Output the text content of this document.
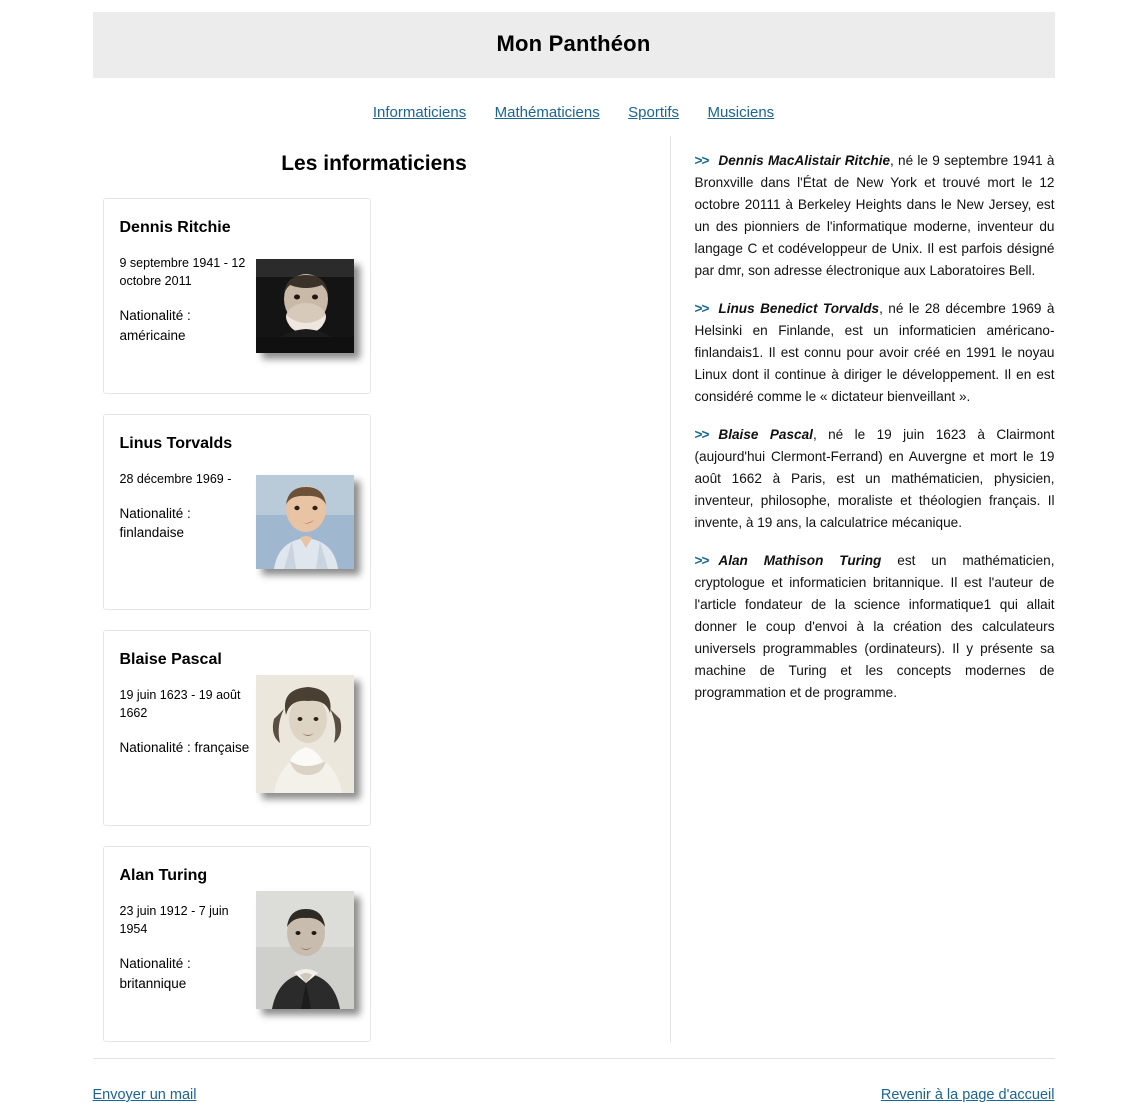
Mon Panthéon
Informaticiens Mathématiciens Sportifs Musiciens
Les informaticiens

Dennis Ritchie

9 septembre 1941 - 12 octobre 2011

Nationalité : américaine

Linus Torvalds

28 décembre 1969 -

Nationalité : finlandaise

Blaise Pascal

19 juin 1623 - 19 août 1662

Nationalité : française

Alan Turing

23 juin 1912 - 7 juin 1954

Nationalité : britannique

>> Dennis MacAlistair Ritchie, né le 9 septembre 1941 à Bronxville dans l'État de New York et trouvé mort le 12 octobre 20111 à Berkeley Heights dans le New Jersey, est un des pionniers de l'informatique moderne, inventeur du langage C et codéveloppeur de Unix. Il est parfois désigné par dmr, son adresse électronique aux Laboratoires Bell.

>> Linus Benedict Torvalds, né le 28 décembre 1969 à Helsinki en Finlande, est un informaticien américano-finlandais1. Il est connu pour avoir créé en 1991 le noyau Linux dont il continue à diriger le développement. Il en est considéré comme le « dictateur bienveillant ».

>> Blaise Pascal, né le 19 juin 1623 à Clairmont (aujourd'hui Clermont-Ferrand) en Auvergne et mort le 19 août 1662 à Paris, est un mathématicien, physicien, inventeur, philosophe, moraliste et théologien français. Il invente, à 19 ans, la calculatrice mécanique.

>> Alan Mathison Turing est un mathématicien, cryptologue et informaticien britannique. Il est l'auteur de l'article fondateur de la science informatique1 qui allait donner le coup d'envoi à la création des calculateurs universels programmables (ordinateurs). Il y présente sa machine de Turing et les concepts modernes de programmation et de programme.

Envoyer un mail	Revenir à la page d'accueil
